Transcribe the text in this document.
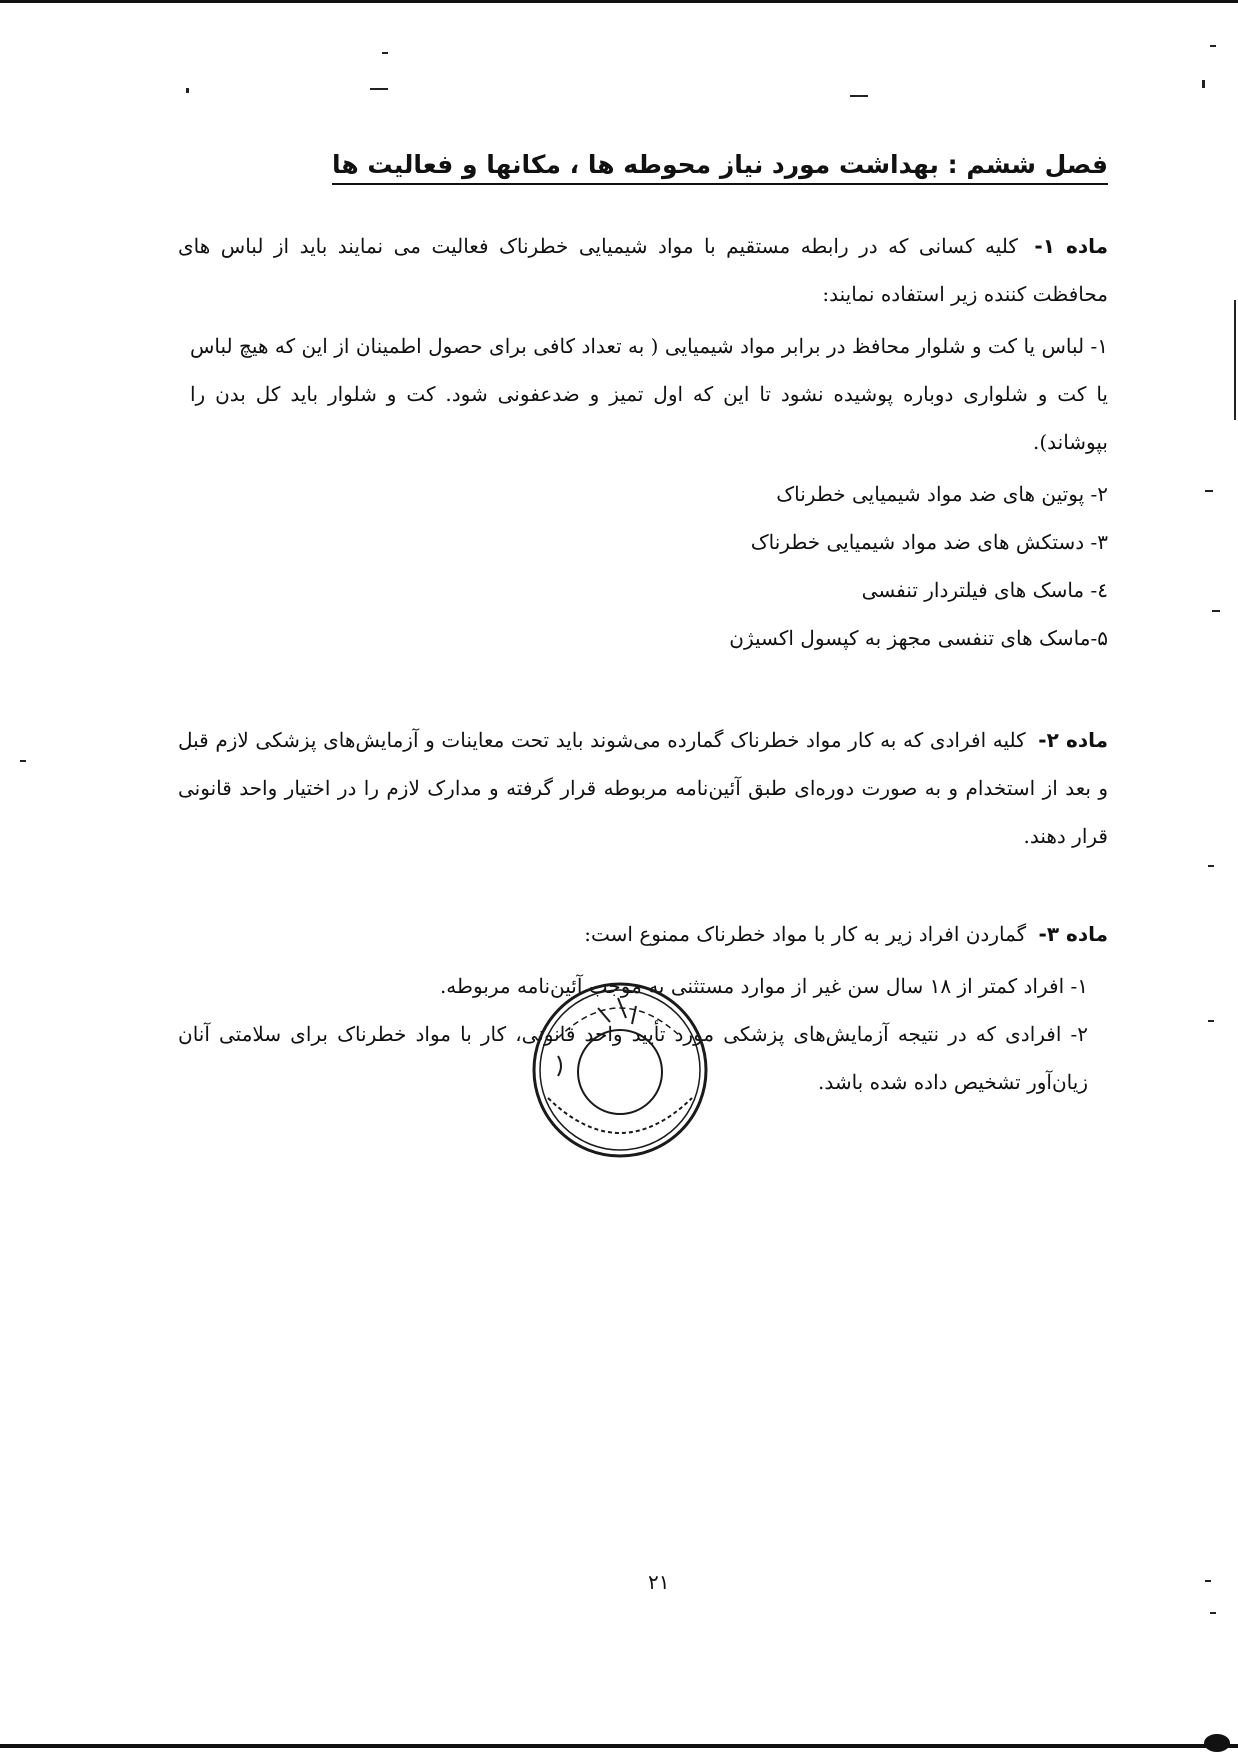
فصل ششم : بهداشت مورد نیاز محوطه ها ، مکانها و فعالیت ها
ماده ۱- کلیه کسانی که در رابطه مستقیم با مواد شیمیایی خطرناک فعالیت می نمایند باید از لباس های محافظت کننده زیر استفاده نمایند:
۱- لباس یا کت و شلوار محافظ در برابر مواد شیمیایی ( به تعداد کافی برای حصول اطمینان از این که هیچ لباس یا کت و شلواری دوباره پوشیده نشود تا این که اول تمیز و ضدعفونی شود. کت و شلوار باید کل بدن را بپوشاند).
۲- پوتین های ضد مواد شیمیایی خطرناک
۳- دستکش های ضد مواد شیمیایی خطرناک
٤- ماسک های فیلتردار تنفسی
۵-ماسک های تنفسی مجهز به کپسول اکسیژن
ماده ۲- کلیه افرادی که به کار مواد خطرناک گمارده می‌شوند باید تحت معاینات و آزمایش‌های پزشکی لازم قبل و بعد از استخدام و به صورت دوره‌ای طبق آئین‌نامه مربوطه قرار گرفته و مدارک لازم را در اختیار واحد قانونی قرار دهند.
ماده ۳- گماردن افراد زیر به کار با مواد خطرناک ممنوع است:
۱- افراد کمتر از ۱۸ سال سن غیر از موارد مستثنی به موجب آئین‌نامه مربوطه.
۲- افرادی که در نتیجه آزمایش‌های پزشکی مورد تأیید واحد قانونی، کار با مواد خطرناک برای سلامتی آنان زیان‌آور تشخیص داده شده باشد.
۲۱
